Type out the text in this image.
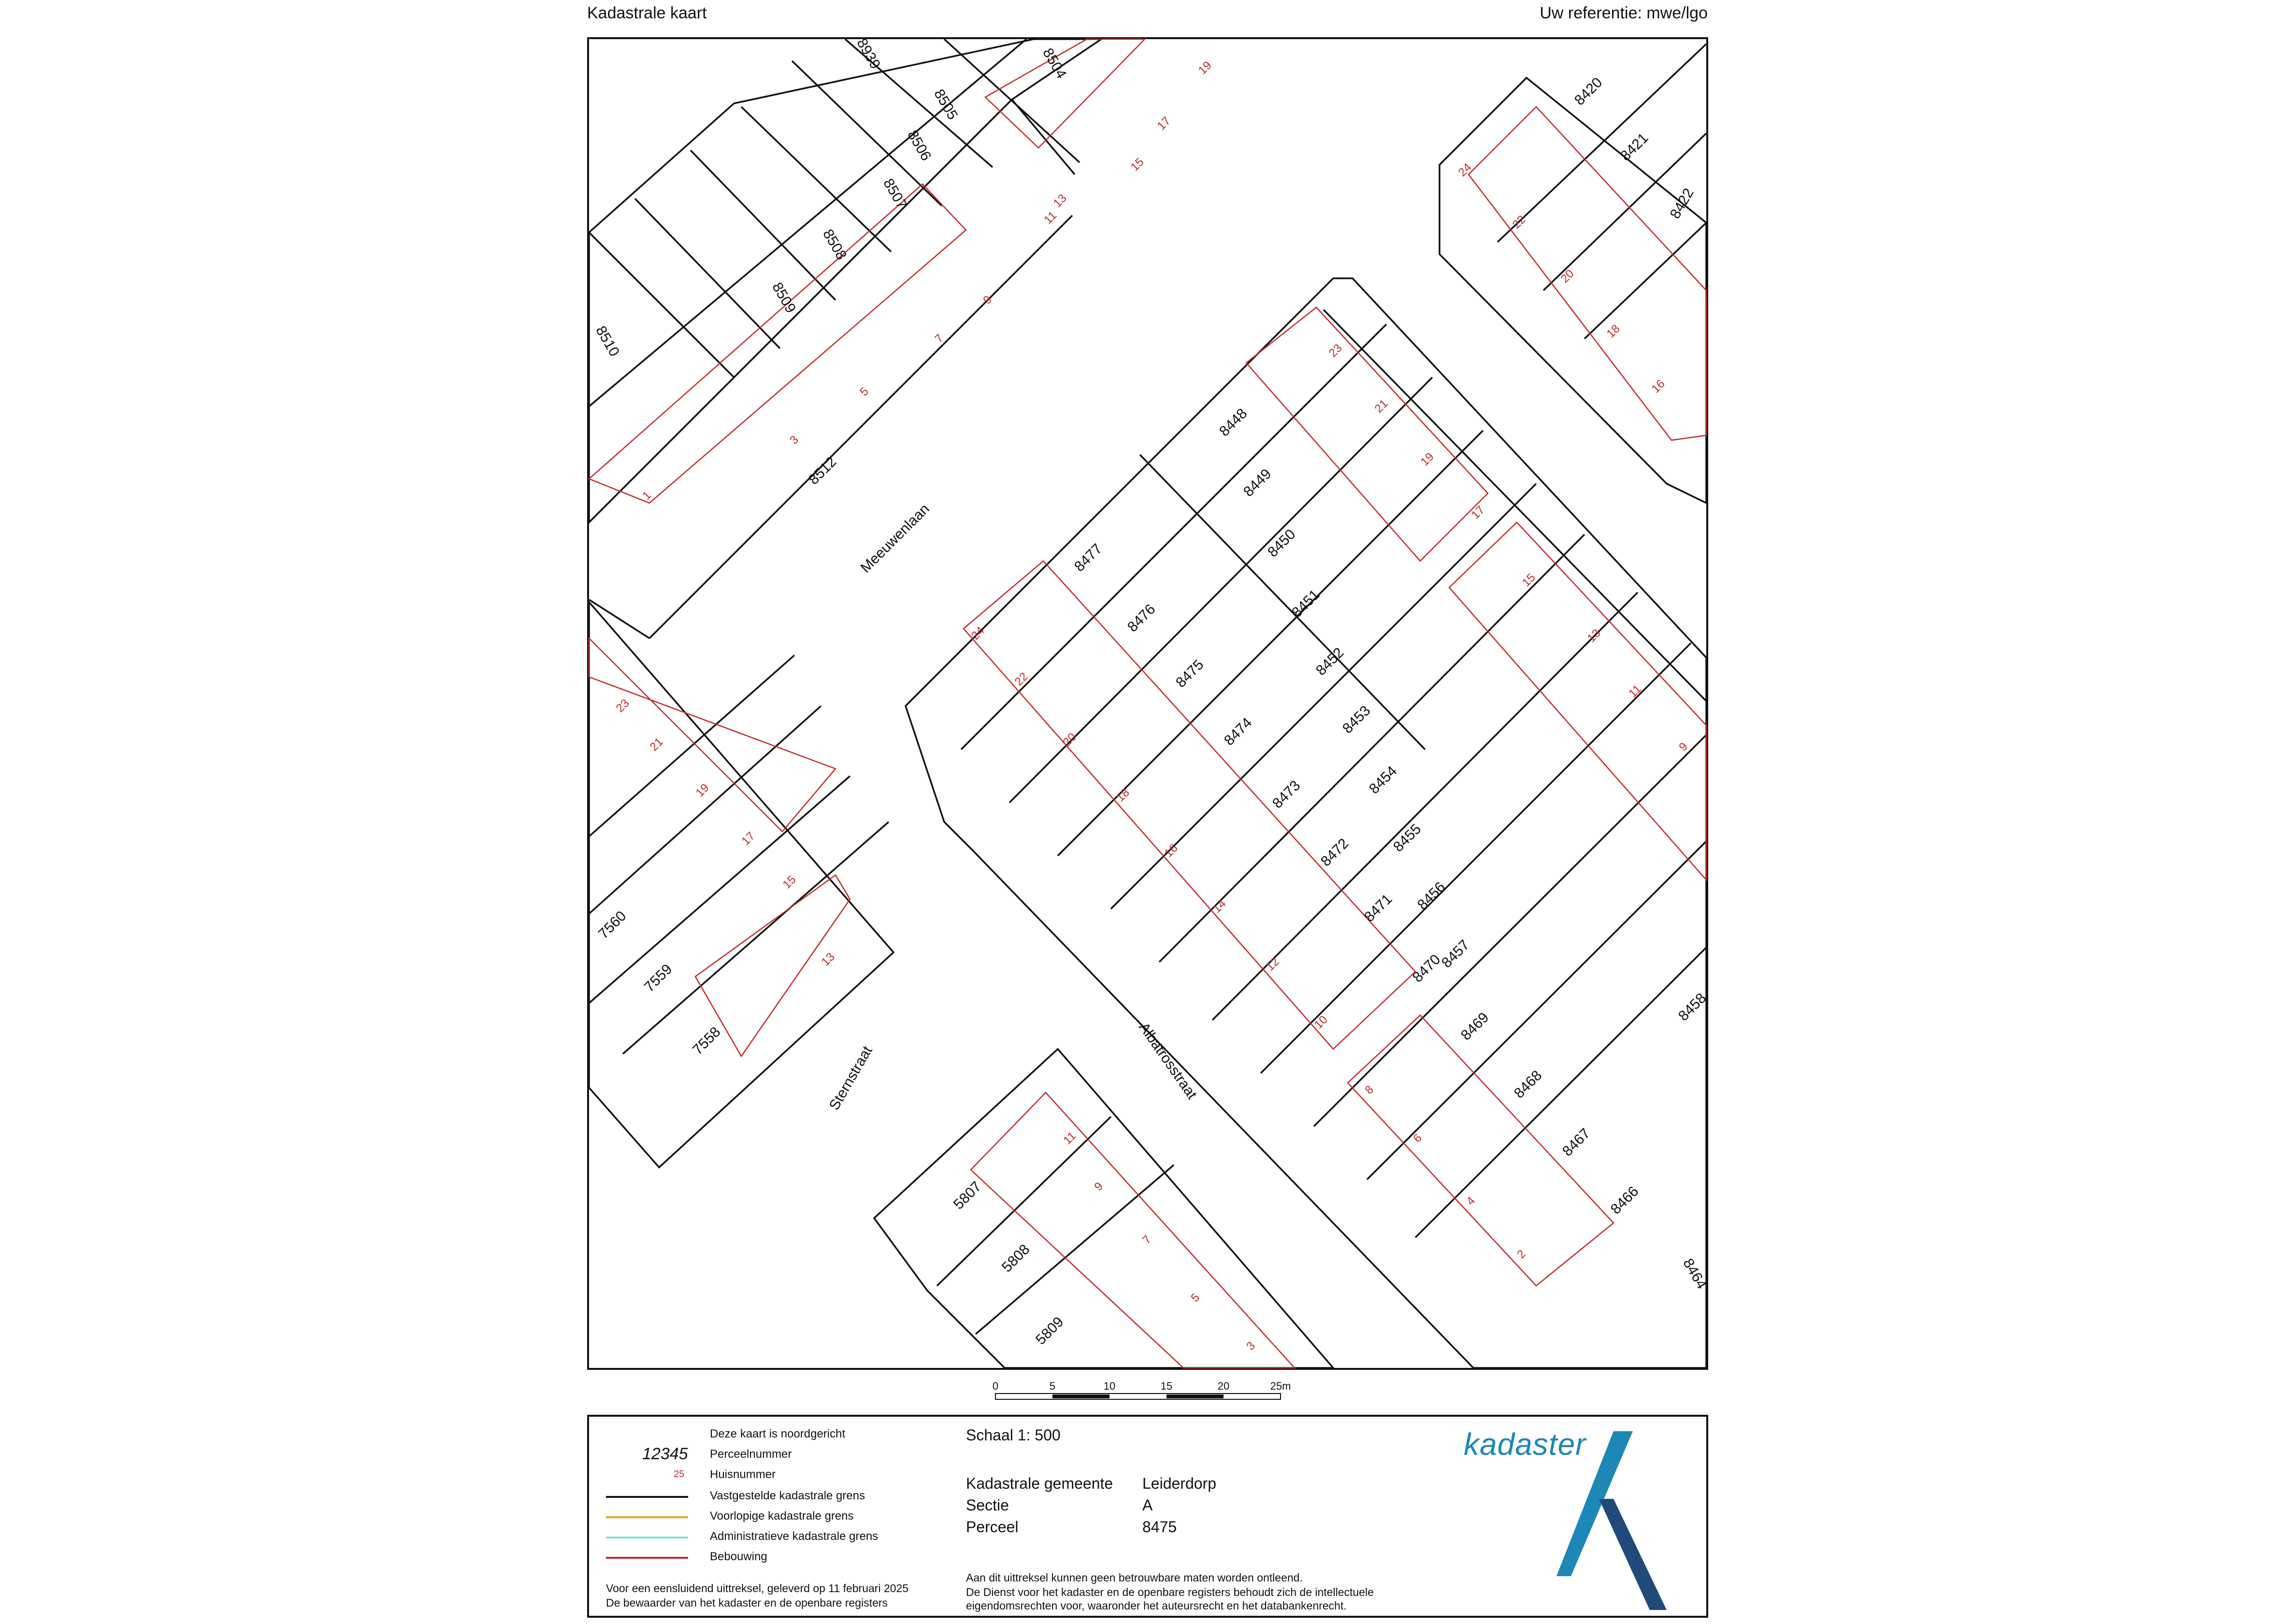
Kadastrale kaart	Uw referentie: mwe/lgo
Meeuwenlaan
Sternstraat	Albatrosstraat
8939	8504
8505
8506
8507
8508
8509
8510
8512
8420
8421
8422
8448
8449
8450
8451
8452
8453
8454
8455
8456
8457
8458
8477
8476
8475
8474
8473
8472
8471
8470
8469
8468
8467
8466
8464
7560
7559
7558
5807
5808
5809
19
17
15
13
11
9
7
5
3
1
24
22
20
18
16
23
21
19
17
15
13
11
9
24
22
20
18
16
14
12
10
8
6
4
2
23
21
19
17
15
13
11
9
7
5
3
0	5	10	15	20	25m
Deze kaart is noordgericht
12345 Perceelnummer
25 Huisnummer
Vastgestelde kadastrale grens
Voorlopige kadastrale grens
Administratieve kadastrale grens
Bebouwing
Voor een eensluidend uittreksel, geleverd op 11 februari 2025
De bewaarder van het kadaster en de openbare registers
Schaal 1: 500
Kadastrale gemeente Leiderdorp
Sectie	A
Perceel	8475
Aan dit uittreksel kunnen geen betrouwbare maten worden ontleend.
De Dienst voor het kadaster en de openbare registers behoudt zich de intellectuele
eigendomsrechten voor, waaronder het auteursrecht en het databankenrecht.
kadaster
